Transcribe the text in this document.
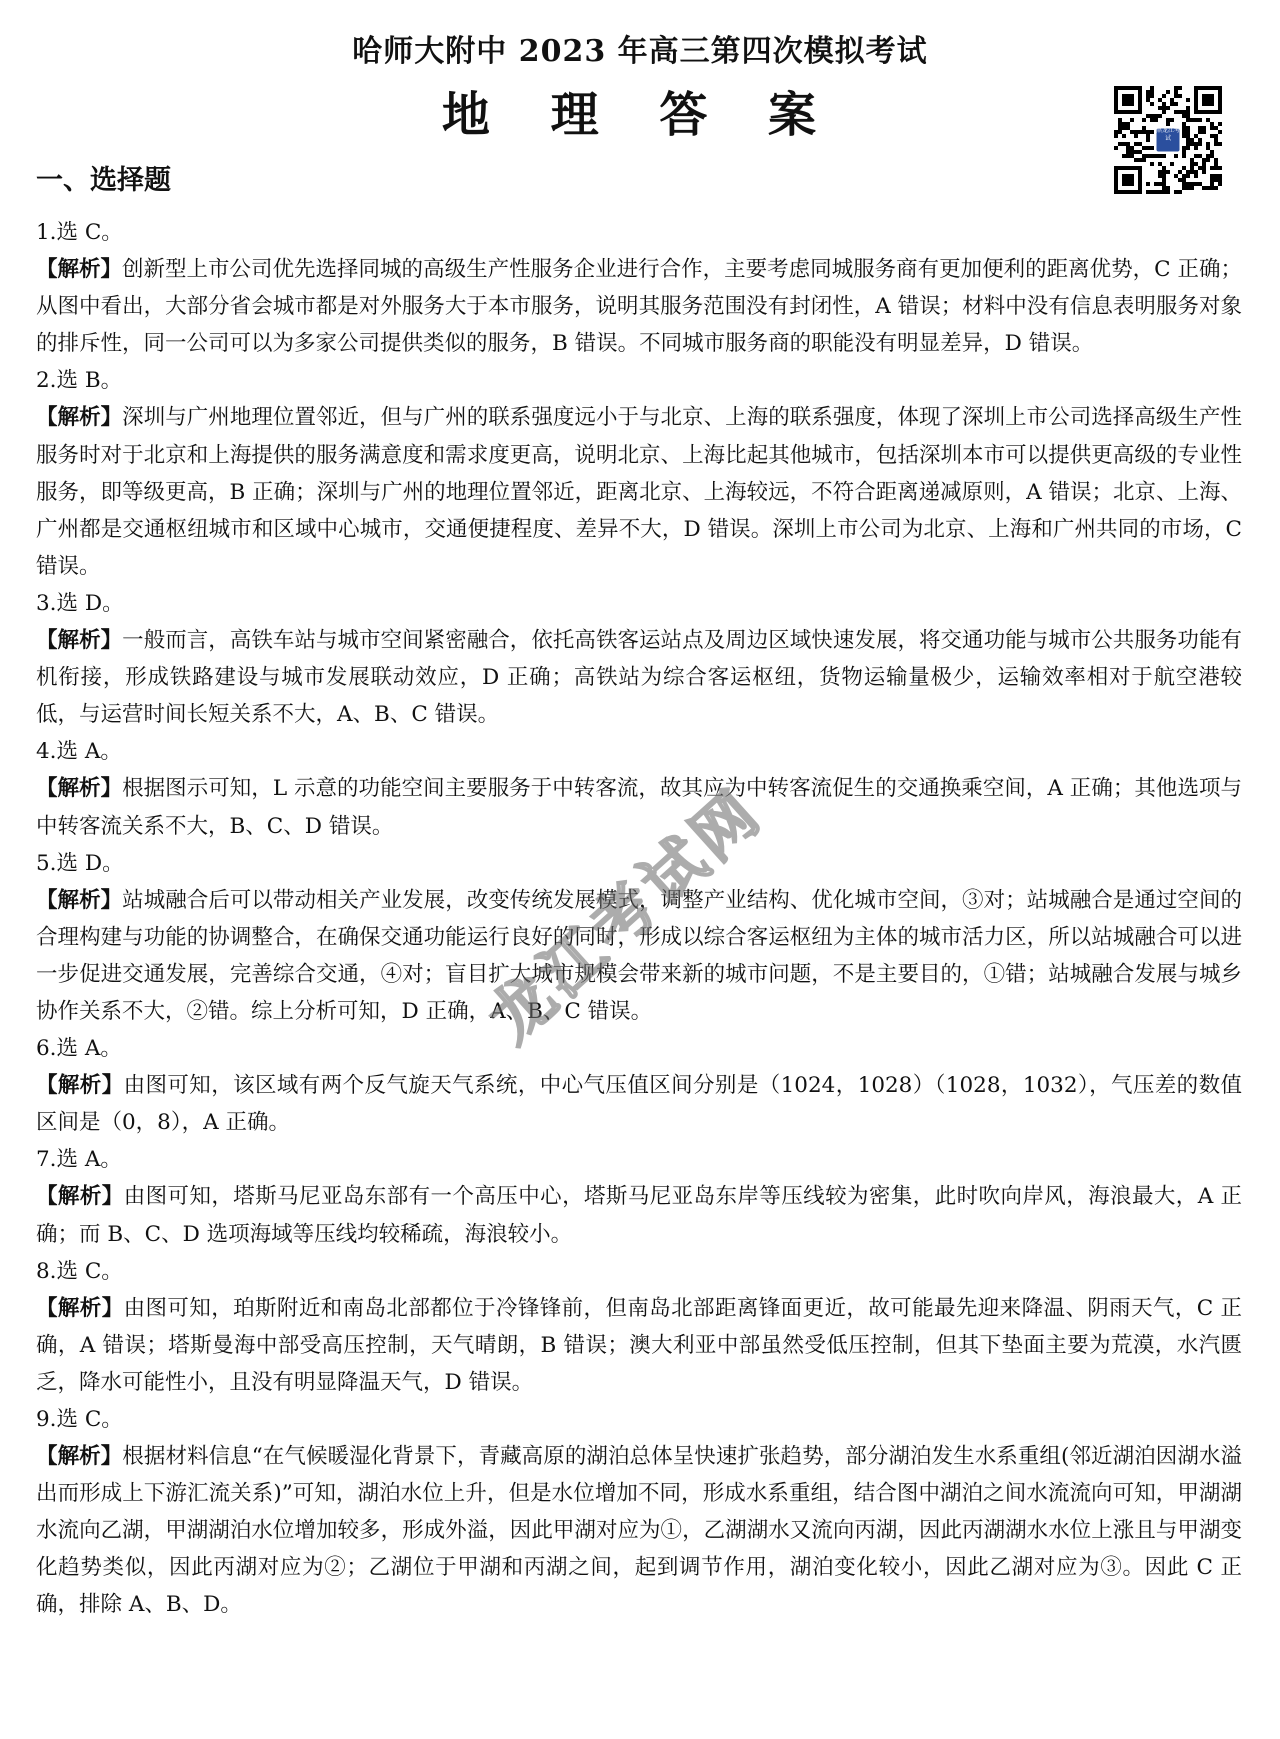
哈师大附中 2023 年高三第四次模拟考试
地 理 答 案	黑龙江考试
一、选择题

1.选 C。

【解析】创新型上市公司优先选择同城的高级生产性服务企业进行合作，主要考虑同城服务商有更加便利的距离优势，C 正确；从图中看出，大部分省会城市都是对外服务大于本市服务，说明其服务范围没有封闭性，A 错误；材料中没有信息表明服务对象的排斥性，同一公司可以为多家公司提供类似的服务，B 错误。不同城市服务商的职能没有明显差异，D 错误。

2.选 B。

【解析】深圳与广州地理位置邻近，但与广州的联系强度远小于与北京、上海的联系强度，体现了深圳上市公司选择高级生产性服务时对于北京和上海提供的服务满意度和需求度更高，说明北京、上海比起其他城市，包括深圳本市可以提供更高级的专业性服务，即等级更高，B 正确；深圳与广州的地理位置邻近，距离北京、上海较远，不符合距离递减原则，A 错误；北京、上海、广州都是交通枢纽城市和区域中心城市，交通便捷程度、差异不大，D 错误。深圳上市公司为北京、上海和广州共同的市场，C 错误。

3.选 D。

【解析】一般而言，高铁车站与城市空间紧密融合，依托高铁客运站点及周边区域快速发展，将交通功能与城市公共服务功能有机衔接，形成铁路建设与城市发展联动效应，D 正确；高铁站为综合客运枢纽，货物运输量极少，运输效率相对于航空港较低，与运营时间长短关系不大，A、B、C 错误。

4.选 A。

【解析】根据图示可知，L 示意的功能空间主要服务于中转客流，故其应为中转客流促生的交通换乘空间，A 正确；其他选项与中转客流关系不大，B、C、D 错误。

5.选 D。

【解析】站城融合后可以带动相关产业发展，改变传统发展模式，调整产业结构、优化城市空间，③对；站城融合是通过空间的合理构建与功能的协调整合，在确保交通功能运行良好的同时，形成以综合客运枢纽为主体的城市活力区，所以站城融合可以进一步促进交通发展，完善综合交通，④对；盲目扩大城市规模会带来新的城市问题，不是主要目的，①错；站城融合发展与城乡协作关系不大，②错。综上分析可知，D 正确，A、B、C 错误。

6.选 A。

【解析】由图可知，该区域有两个反气旋天气系统，中心气压值区间分别是（1024，1028）（1028，1032），气压差的数值区间是（0，8），A 正确。

7.选 A。

【解析】由图可知，塔斯马尼亚岛东部有一个高压中心，塔斯马尼亚岛东岸等压线较为密集，此时吹向岸风，海浪最大，A 正确；而 B、C、D 选项海域等压线均较稀疏，海浪较小。

8.选 C。

【解析】由图可知，珀斯附近和南岛北部都位于冷锋锋前，但南岛北部距离锋面更近，故可能最先迎来降温、阴雨天气，C 正确，A 错误；塔斯曼海中部受高压控制，天气晴朗，B 错误；澳大利亚中部虽然受低压控制，但其下垫面主要为荒漠，水汽匮乏，降水可能性小，且没有明显降温天气，D 错误。

9.选 C。

【解析】根据材料信息“在气候暖湿化背景下，青藏高原的湖泊总体呈快速扩张趋势，部分湖泊发生水系重组(邻近湖泊因湖水溢出而形成上下游汇流关系)”可知，湖泊水位上升，但是水位增加不同，形成水系重组，结合图中湖泊之间水流流向可知，甲湖湖水流向乙湖，甲湖湖泊水位增加较多，形成外溢，因此甲湖对应为①，乙湖湖水又流向丙湖，因此丙湖湖水水位上涨且与甲湖变化趋势类似，因此丙湖对应为②；乙湖位于甲湖和丙湖之间，起到调节作用，湖泊变化较小，因此乙湖对应为③。因此 C 正确，排除 A、B、D。

龙江考试网
